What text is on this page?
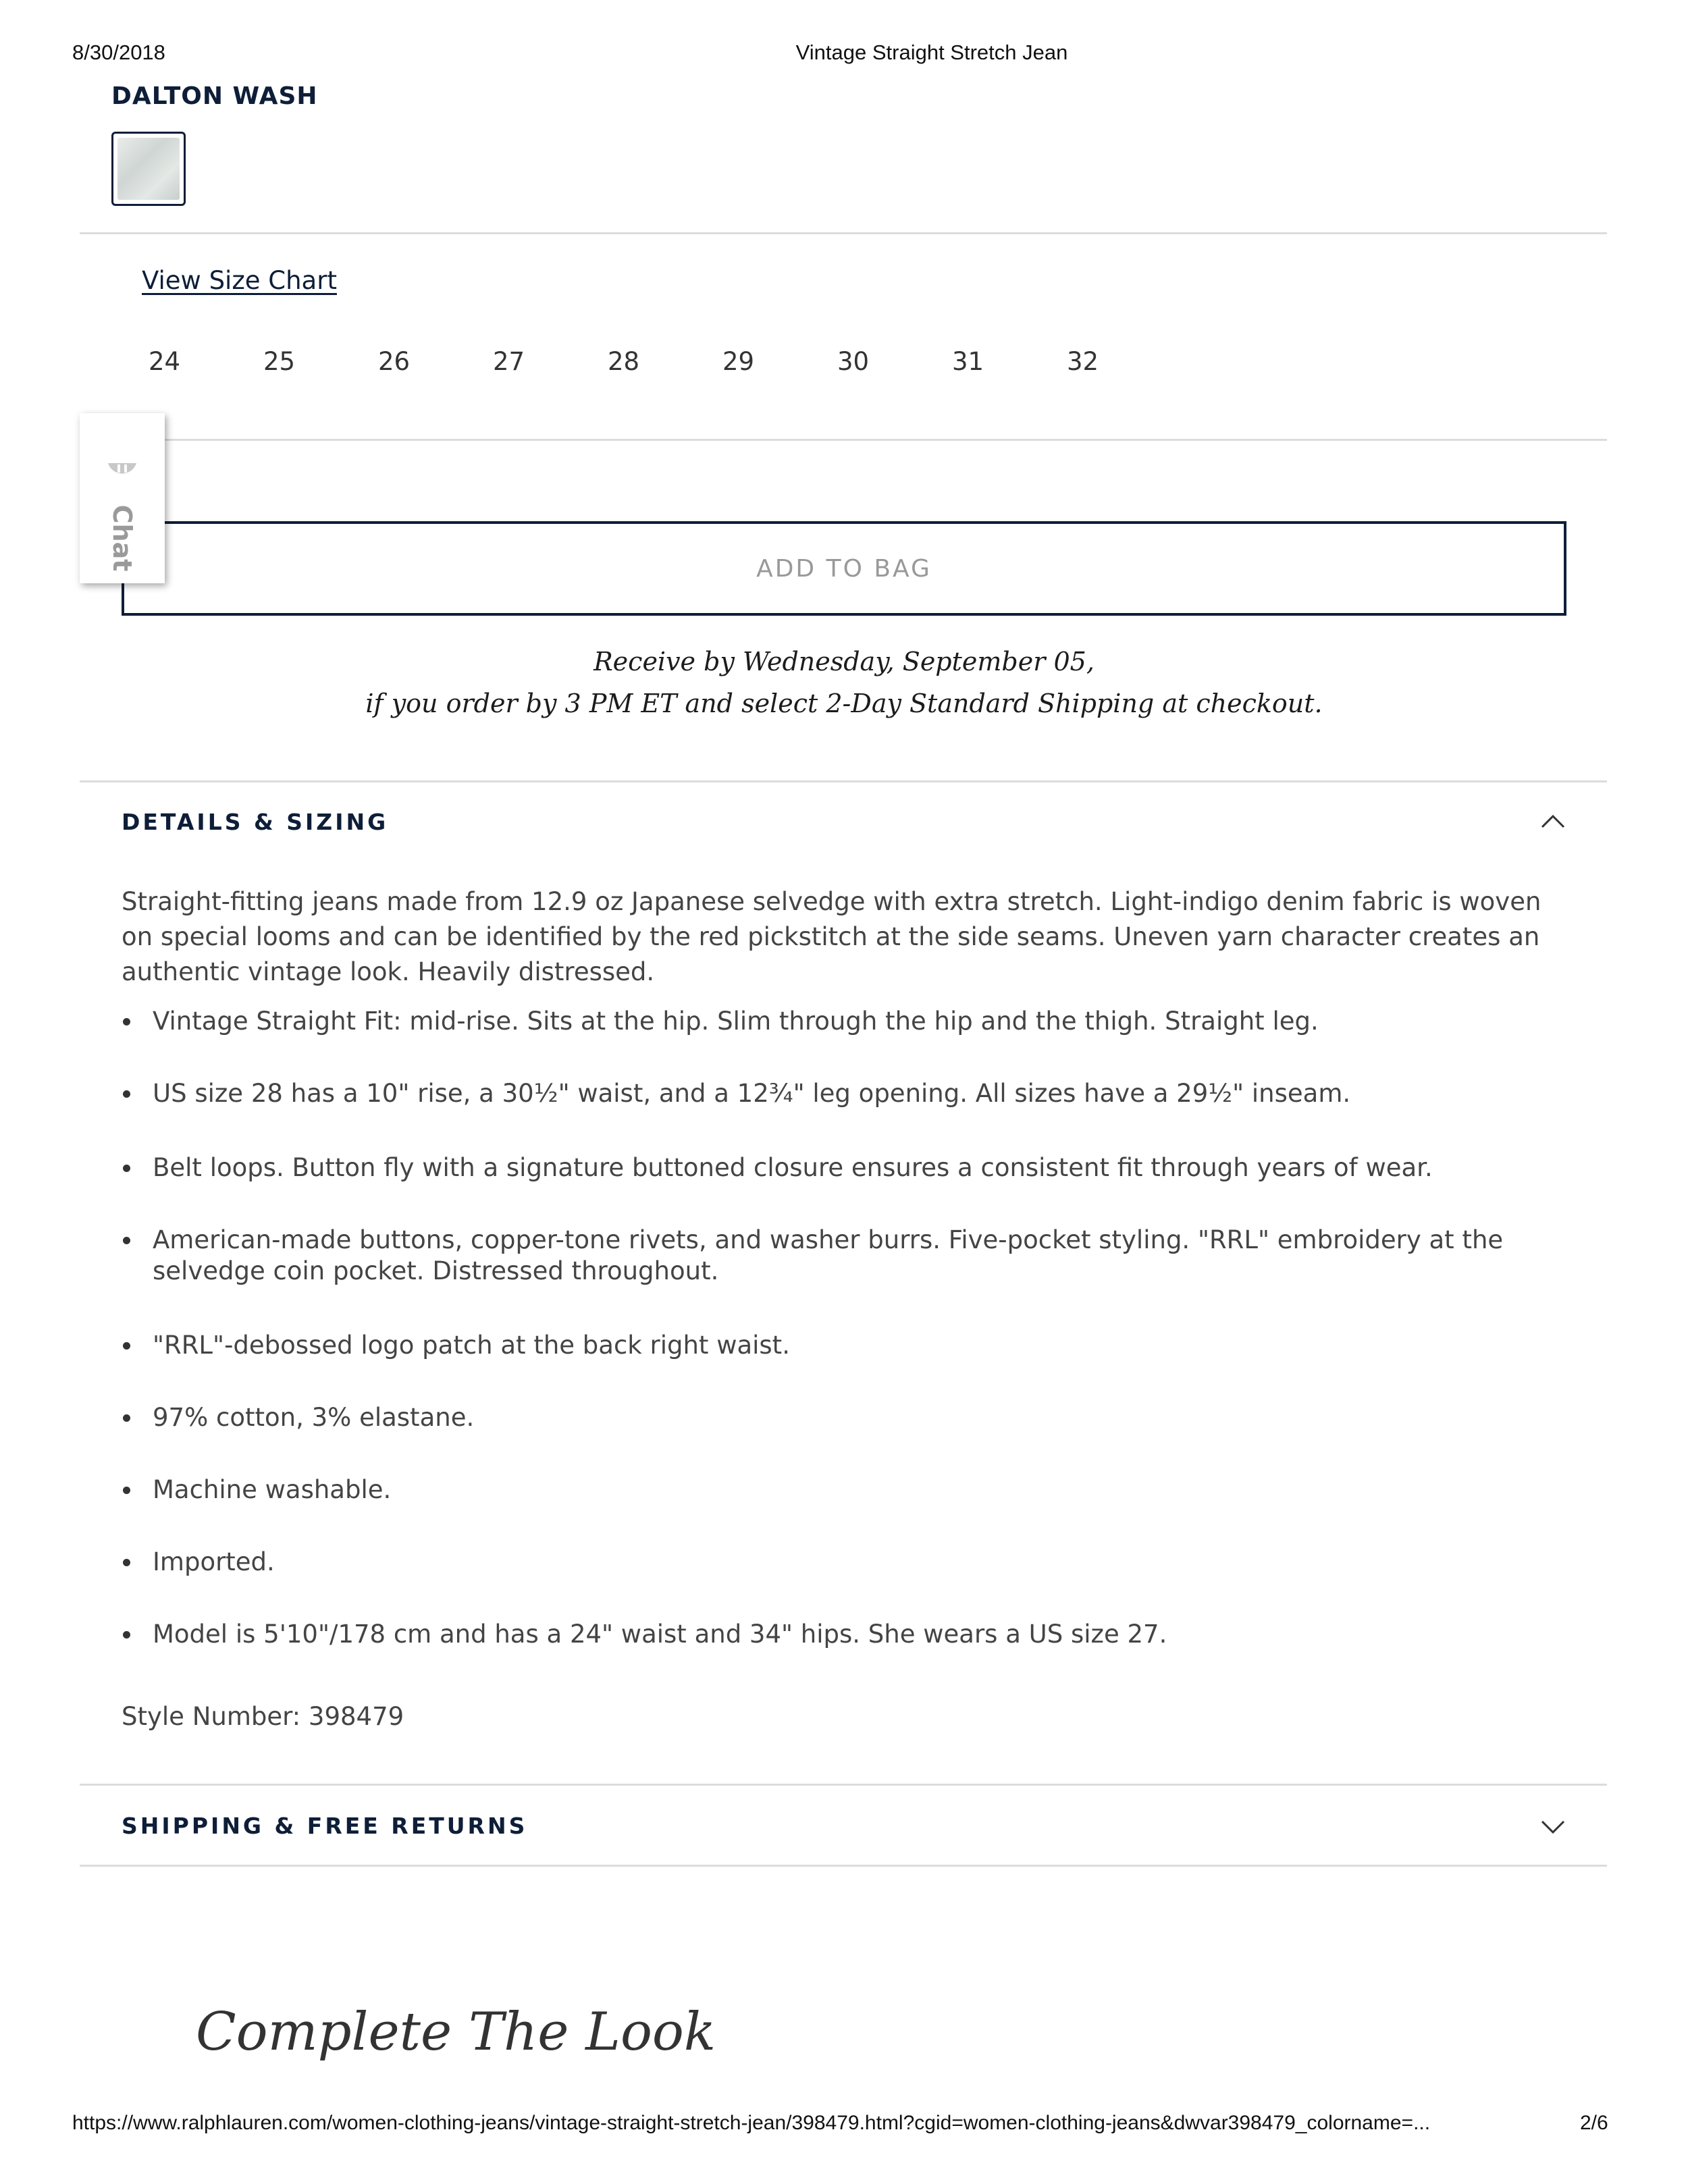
8/30/2018	Vintage Straight Stretch Jean
DALTON WASH
View Size Chart
24	25	26	27	28	29	30	31	32
ADD TO BAG
Chat
Receive by Wednesday, September 05,
if you order by 3 PM ET and select 2-Day Standard Shipping at checkout.
DETAILS & SIZING
Straight-fitting jeans made from 12.9 oz Japanese selvedge with extra stretch. Light-indigo denim fabric is woven on special looms and can be identified by the red pickstitch at the side seams. Uneven yarn character creates an authentic vintage look. Heavily distressed.
Vintage Straight Fit: mid-rise. Sits at the hip. Slim through the hip and the thigh. Straight leg.
US size 28 has a 10" rise, a 30½" waist, and a 12¾" leg opening. All sizes have a 29½" inseam.
Belt loops. Button fly with a signature buttoned closure ensures a consistent fit through years of wear.
American-made buttons, copper-tone rivets, and washer burrs. Five-pocket styling. "RRL" embroidery at the selvedge coin pocket. Distressed throughout.
"RRL"-debossed logo patch at the back right waist.
97% cotton, 3% elastane.
Machine washable.
Imported.
Model is 5'10"/178 cm and has a 24" waist and 34" hips. She wears a US size 27.
Style Number: 398479
SHIPPING & FREE RETURNS
Complete The Look
https://www.ralphlauren.com/women-clothing-jeans/vintage-straight-stretch-jean/398479.html?cgid=women-clothing-jeans&dwvar398479_colorname=...	2/6
